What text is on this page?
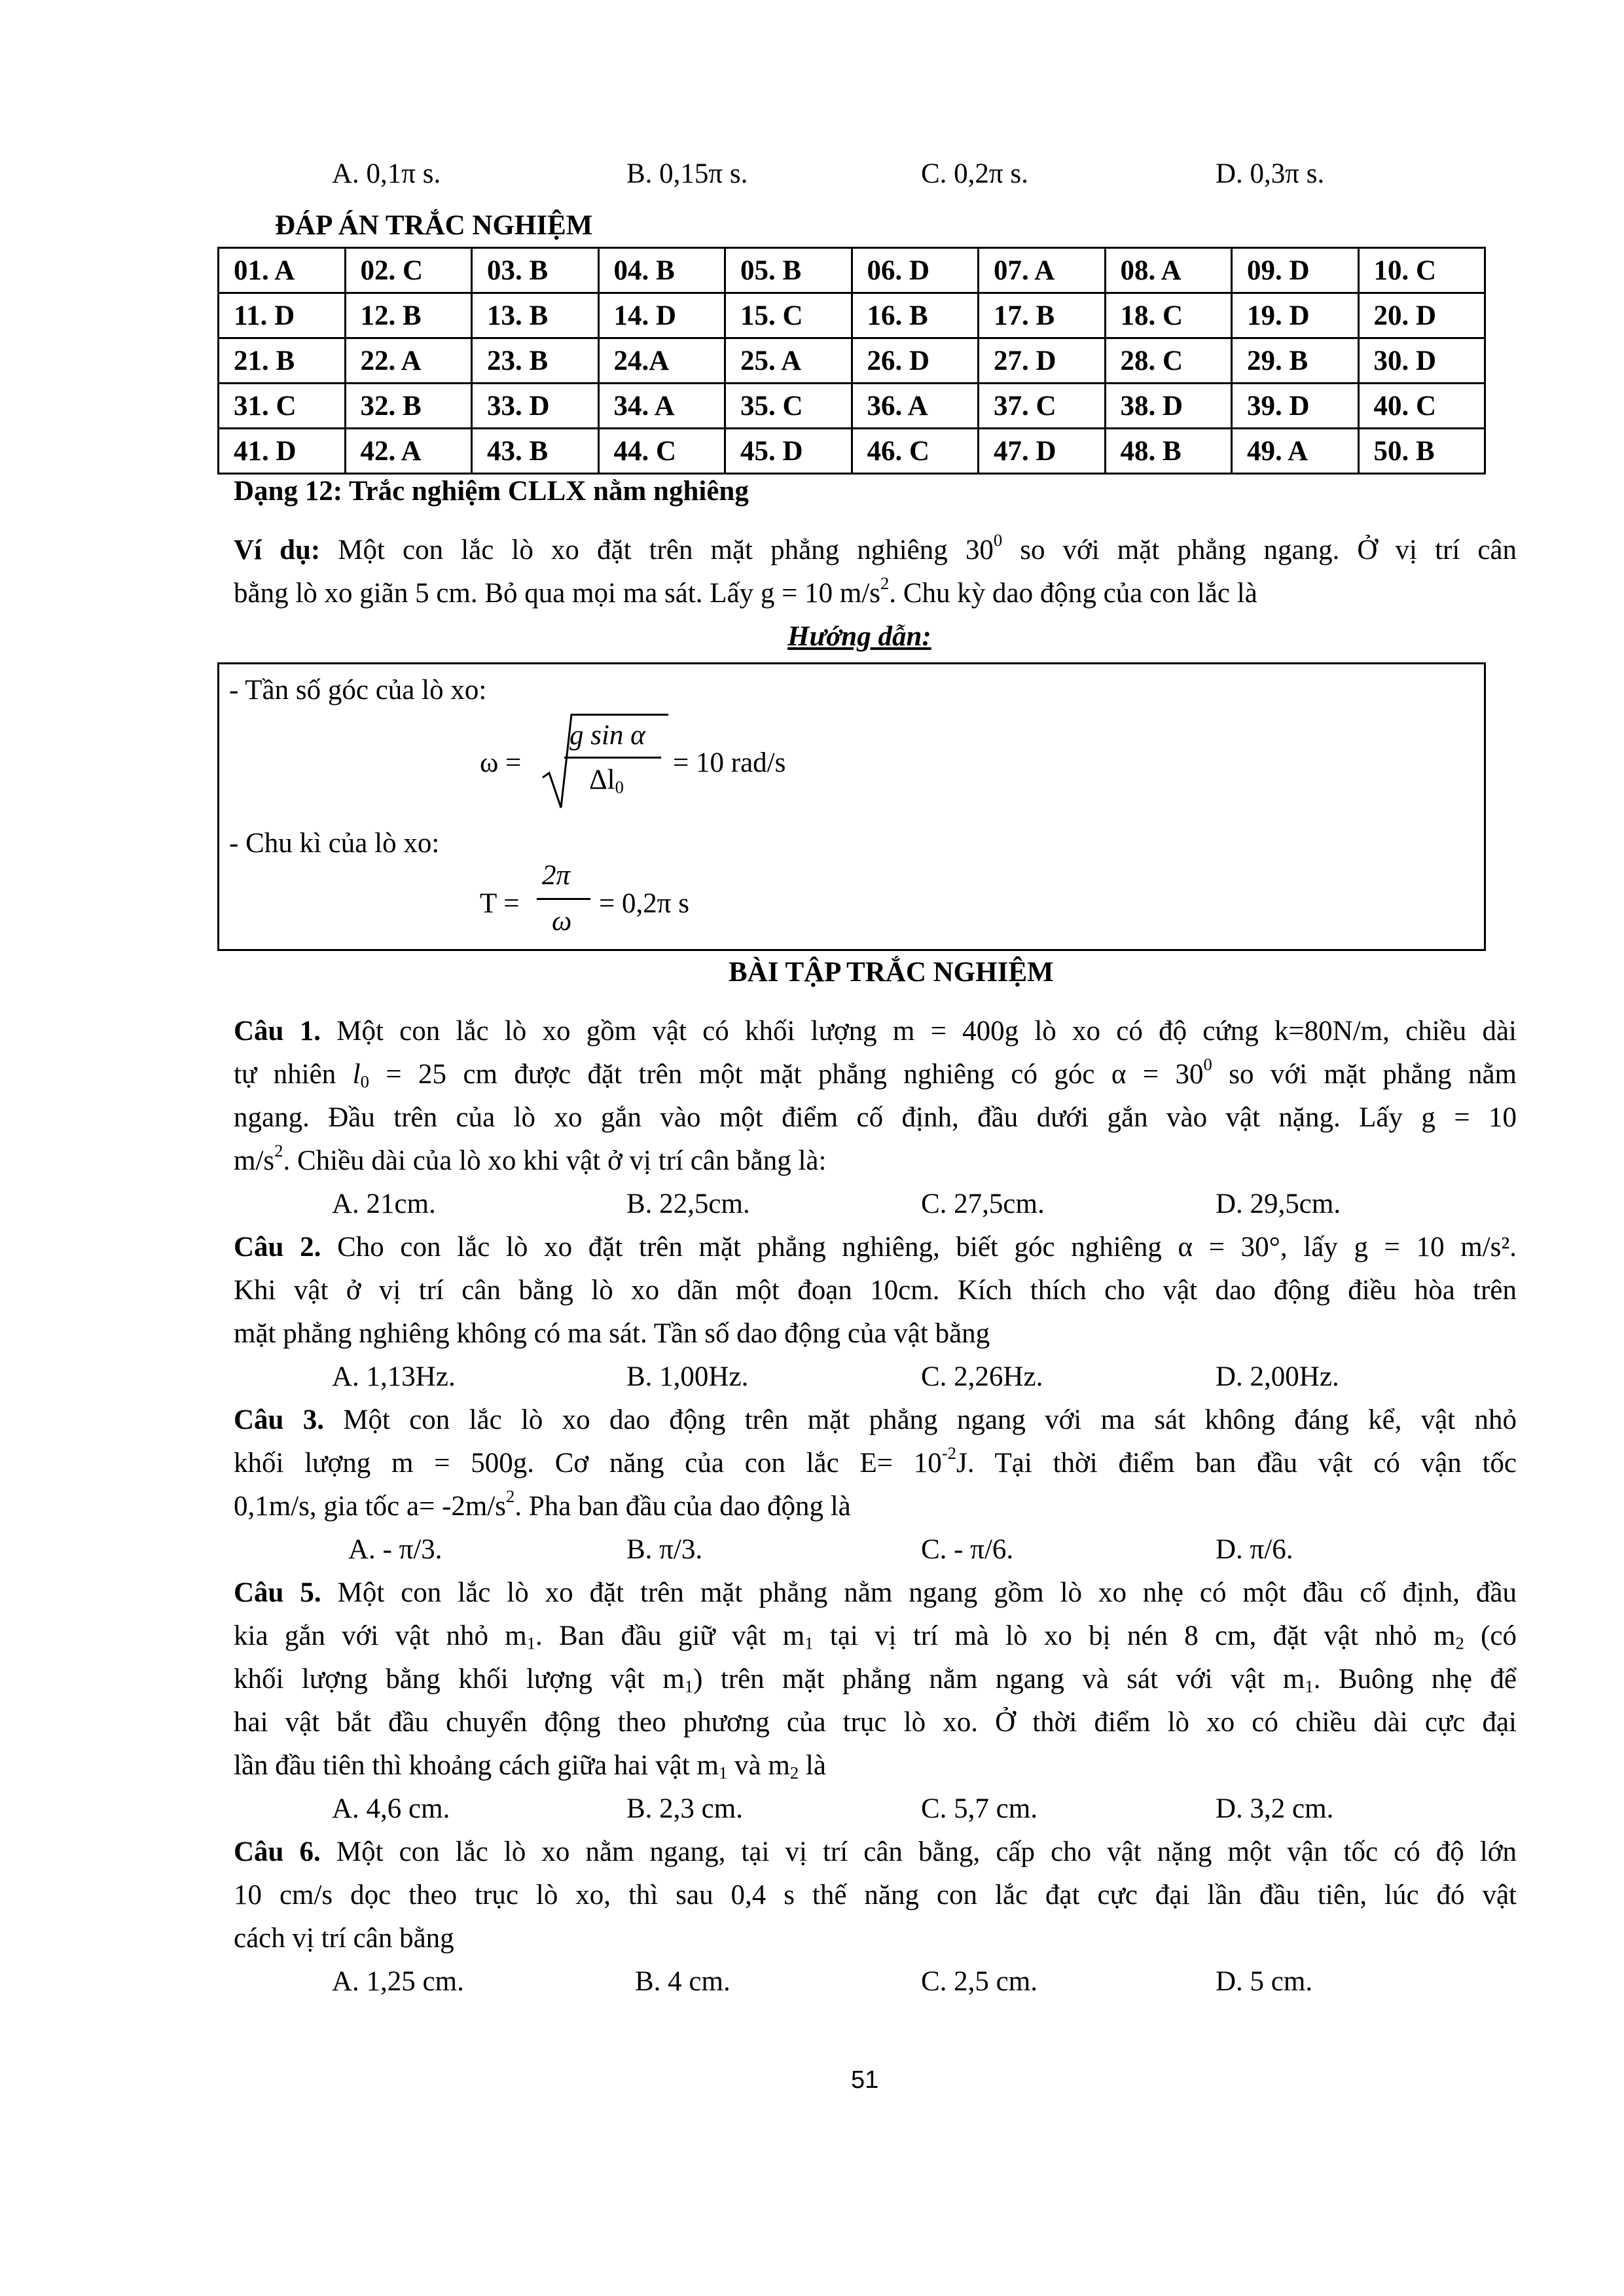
A. 0,1π s.	B. 0,15π s.	C. 0,2π s.	D. 0,3π s.
ĐÁP ÁN TRẮC NGHIỆM
01. A	02. C	03. B	04. B	05. B	06. D	07. A	08. A	09. D	10. C
11. D	12. B	13. B	14. D	15. C	16. B	17. B	18. C	19. D	20. D
21. B	22. A	23. B	24.A	25. A	26. D	27. D	28. C	29. B	30. D
31. C	32. B	33. D	34. A	35. C	36. A	37. C	38. D	39. D	40. C
41. D	42. A	43. B	44. C	45. D	46. C	47. D	48. B	49. A	50. B
Dạng 12: Trắc nghiệm CLLX nằm nghiêng
Ví dụ: Một con lắc lò xo đặt trên mặt phẳng nghiêng $30^0$ so với mặt phẳng ngang. Ở vị trí cân
bằng lò xo giãn 5 cm. Bỏ qua mọi ma sát. Lấy g = 10 $m/s^2$. Chu kỳ dao động của con lắc là
Hướng dẫn:
- Tần số góc của lò xo:
ω =
g sin α
$\Delta l_0$
= 10 rad/s
- Chu kì của lò xo:
T =
2π
ω
= 0,2π s
BÀI TẬP TRẮC NGHIỆM
Câu 1. Một con lắc lò xo gồm vật có khối lượng m = 400g lò xo có độ cứng k=80N/m, chiều dài
tự nhiên $l_0 = 25$ cm được đặt trên một mặt phẳng nghiêng có góc $\alpha = 30^0$ so với mặt phẳng nằm
ngang. Đầu trên của lò xo gắn vào một điểm cố định, đầu dưới gắn vào vật nặng. Lấy g = 10
$m/s^2$. Chiều dài của lò xo khi vật ở vị trí cân bằng là:
A. 21cm.	B. 22,5cm.	C. 27,5cm.	D. 29,5cm.
Câu 2. Cho con lắc lò xo đặt trên mặt phẳng nghiêng, biết góc nghiêng α = 30°, lấy g = 10 m/s².
Khi vật ở vị trí cân bằng lò xo dãn một đoạn 10cm. Kích thích cho vật dao động điều hòa trên
mặt phẳng nghiêng không có ma sát. Tần số dao động của vật bằng
A. 1,13Hz.	B. 1,00Hz.	C. 2,26Hz.	D. 2,00Hz.
Câu 3. Một con lắc lò xo dao động trên mặt phẳng ngang với ma sát không đáng kể, vật nhỏ
khối lượng m = 500g. Cơ năng của con lắc $E= 10^{-2}J$. Tại thời điểm ban đầu vật có vận tốc
0,1m/s, gia tốc $a= -2m/s^2$. Pha ban đầu của dao động là
A. - π/3.	B. π/3.	C. - π/6.	D. π/6.
Câu 5. Một con lắc lò xo đặt trên mặt phẳng nằm ngang gồm lò xo nhẹ có một đầu cố định, đầu
kia gắn với vật nhỏ $m_1$. Ban đầu giữ vật $m_1$ tại vị trí mà lò xo bị nén 8 cm, đặt vật nhỏ $m_2$ (có
khối lượng bằng khối lượng vật $m_1$) trên mặt phẳng nằm ngang và sát với vật $m_1$. Buông nhẹ để
hai vật bắt đầu chuyển động theo phương của trục lò xo. Ở thời điểm lò xo có chiều dài cực đại
lần đầu tiên thì khoảng cách giữa hai vật $m_1$ và $m_2$ là
A. 4,6 cm.	B. 2,3 cm.	C. 5,7 cm.	D. 3,2 cm.
Câu 6. Một con lắc lò xo nằm ngang, tại vị trí cân bằng, cấp cho vật nặng một vận tốc có độ lớn
10 cm/s dọc theo trục lò xo, thì sau 0,4 s thế năng con lắc đạt cực đại lần đầu tiên, lúc đó vật
cách vị trí cân bằng
A. 1,25 cm.	B. 4 cm.	C. 2,5 cm.	D. 5 cm.
51
